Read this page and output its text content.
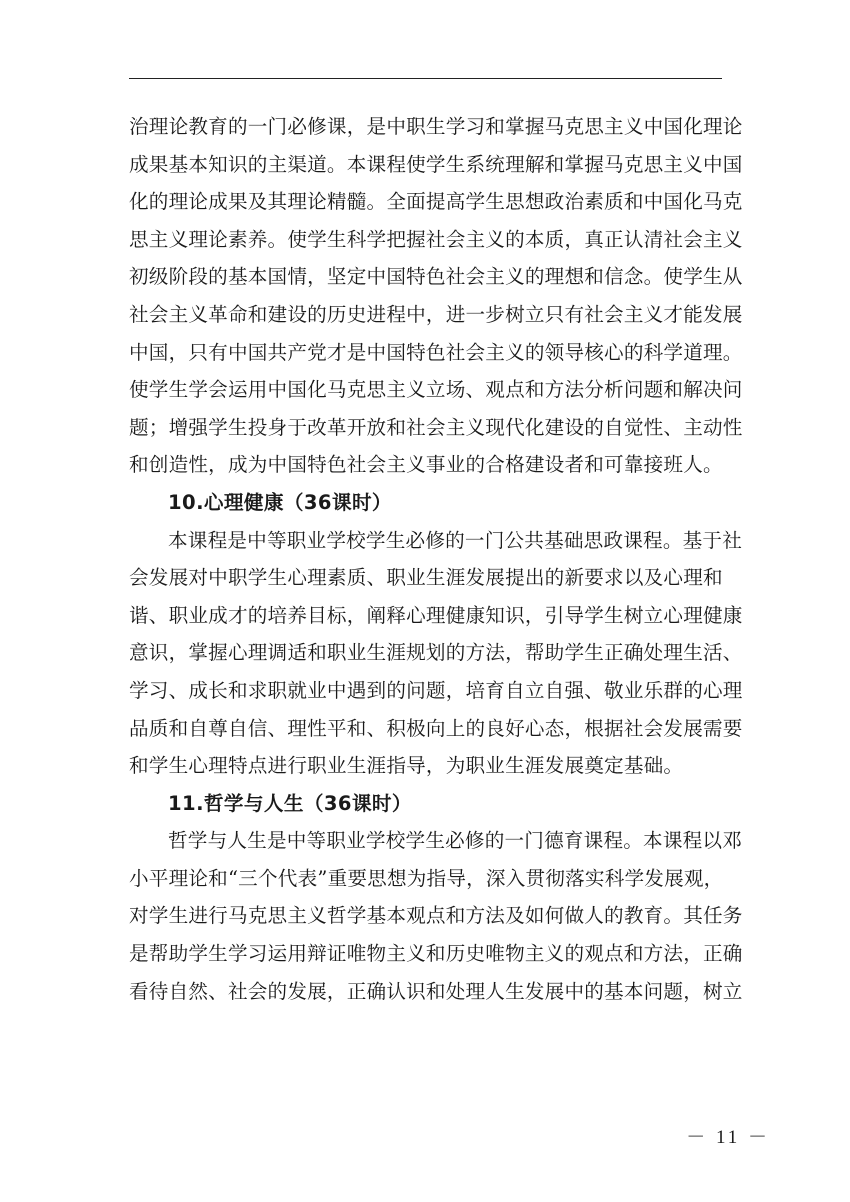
治理论教育的一门必修课，是中职生学习和掌握马克思主义中国化理论
成果基本知识的主渠道。本课程使学生系统理解和掌握马克思主义中国
化的理论成果及其理论精髓。全面提高学生思想政治素质和中国化马克
思主义理论素养。使学生科学把握社会主义的本质，真正认清社会主义
初级阶段的基本国情，坚定中国特色社会主义的理想和信念。使学生从
社会主义革命和建设的历史进程中，进一步树立只有社会主义才能发展
中国，只有中国共产党才是中国特色社会主义的领导核心的科学道理。
使学生学会运用中国化马克思主义立场、观点和方法分析问题和解决问
题；增强学生投身于改革开放和社会主义现代化建设的自觉性、主动性
和创造性，成为中国特色社会主义事业的合格建设者和可靠接班人。
10.心理健康（36课时）
本课程是中等职业学校学生必修的一门公共基础思政课程。基于社
会发展对中职学生心理素质、职业生涯发展提出的新要求以及心理和
谐、职业成才的培养目标，阐释心理健康知识，引导学生树立心理健康
意识，掌握心理调适和职业生涯规划的方法，帮助学生正确处理生活、
学习、成长和求职就业中遇到的问题，培育自立自强、敬业乐群的心理
品质和自尊自信、理性平和、积极向上的良好心态，根据社会发展需要
和学生心理特点进行职业生涯指导，为职业生涯发展奠定基础。
11.哲学与人生（36课时）
哲学与人生是中等职业学校学生必修的一门德育课程。本课程以邓
小平理论和“三个代表”重要思想为指导，深入贯彻落实科学发展观，
对学生进行马克思主义哲学基本观点和方法及如何做人的教育。其任务
是帮助学生学习运用辩证唯物主义和历史唯物主义的观点和方法，正确
看待自然、社会的发展，正确认识和处理人生发展中的基本问题，树立
－ 11 －
